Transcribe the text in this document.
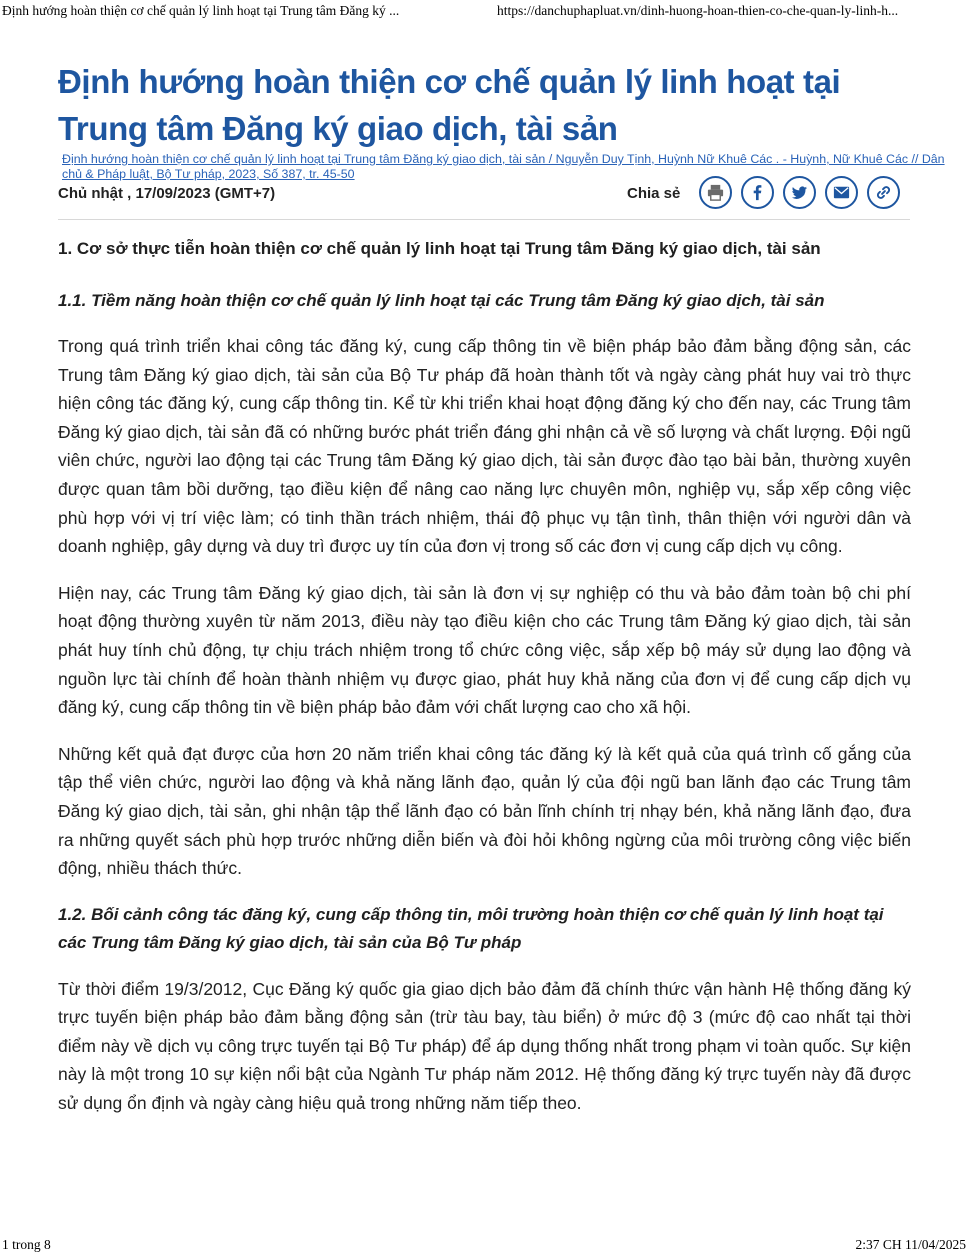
Định hướng hoàn thiện cơ chế quản lý linh hoạt tại Trung tâm Đăng ký ...	https://danchuphapluat.vn/dinh-huong-hoan-thien-co-che-quan-ly-linh-h...
Định hướng hoàn thiện cơ chế quản lý linh hoạt tại Trung tâm Đăng ký giao dịch, tài sản
Định hướng hoàn thiện cơ chế quản lý linh hoạt tại Trung tâm Đăng ký giao dịch, tài sản / Nguyễn Duy Tịnh, Huỳnh Nữ Khuê Các . - Huỳnh, Nữ Khuê Các // Dân chủ & Pháp luật, Bộ Tư pháp, 2023, Số 387, tr. 45-50
Chủ nhật , 17/09/2023 (GMT+7)	Chia sẻ
1. Cơ sở thực tiễn hoàn thiện cơ chế quản lý linh hoạt tại Trung tâm Đăng ký giao dịch, tài sản
1.1. Tiềm năng hoàn thiện cơ chế quản lý linh hoạt tại các Trung tâm Đăng ký giao dịch, tài sản

Trong quá trình triển khai công tác đăng ký, cung cấp thông tin về biện pháp bảo đảm bằng động sản, các Trung tâm Đăng ký giao dịch, tài sản của Bộ Tư pháp đã hoàn thành tốt và ngày càng phát huy vai trò thực hiện công tác đăng ký, cung cấp thông tin. Kể từ khi triển khai hoạt động đăng ký cho đến nay, các Trung tâm Đăng ký giao dịch, tài sản đã có những bước phát triển đáng ghi nhận cả về số lượng và chất lượng. Đội ngũ viên chức, người lao động tại các Trung tâm Đăng ký giao dịch, tài sản được đào tạo bài bản, thường xuyên được quan tâm bồi dưỡng, tạo điều kiện để nâng cao năng lực chuyên môn, nghiệp vụ, sắp xếp công việc phù hợp với vị trí việc làm; có tinh thần trách nhiệm, thái độ phục vụ tận tình, thân thiện với người dân và doanh nghiệp, gây dựng và duy trì được uy tín của đơn vị trong số các đơn vị cung cấp dịch vụ công.

Hiện nay, các Trung tâm Đăng ký giao dịch, tài sản là đơn vị sự nghiệp có thu và bảo đảm toàn bộ chi phí hoạt động thường xuyên từ năm 2013, điều này tạo điều kiện cho các Trung tâm Đăng ký giao dịch, tài sản phát huy tính chủ động, tự chịu trách nhiệm trong tổ chức công việc, sắp xếp bộ máy sử dụng lao động và nguồn lực tài chính để hoàn thành nhiệm vụ được giao, phát huy khả năng của đơn vị để cung cấp dịch vụ đăng ký, cung cấp thông tin về biện pháp bảo đảm với chất lượng cao cho xã hội.

Những kết quả đạt được của hơn 20 năm triển khai công tác đăng ký là kết quả của quá trình cố gắng của tập thể viên chức, người lao động và khả năng lãnh đạo, quản lý của đội ngũ ban lãnh đạo các Trung tâm Đăng ký giao dịch, tài sản, ghi nhận tập thể lãnh đạo có bản lĩnh chính trị nhạy bén, khả năng lãnh đạo, đưa ra những quyết sách phù hợp trước những diễn biến và đòi hỏi không ngừng của môi trường công việc biến động, nhiều thách thức.

1.2. Bối cảnh công tác đăng ký, cung cấp thông tin, môi trường hoàn thiện cơ chế quản lý linh hoạt tại các Trung tâm Đăng ký giao dịch, tài sản của Bộ Tư pháp

Từ thời điểm 19/3/2012, Cục Đăng ký quốc gia giao dịch bảo đảm đã chính thức vận hành Hệ thống đăng ký trực tuyến biện pháp bảo đảm bằng động sản (trừ tàu bay, tàu biển) ở mức độ 3 (mức độ cao nhất tại thời điểm này về dịch vụ công trực tuyến tại Bộ Tư pháp) để áp dụng thống nhất trong phạm vi toàn quốc. Sự kiện này là một trong 10 sự kiện nổi bật của Ngành Tư pháp năm 2012. Hệ thống đăng ký trực tuyến này đã được sử dụng ổn định và ngày càng hiệu quả trong những năm tiếp theo.

1 trong 8	2:37 CH 11/04/2025
